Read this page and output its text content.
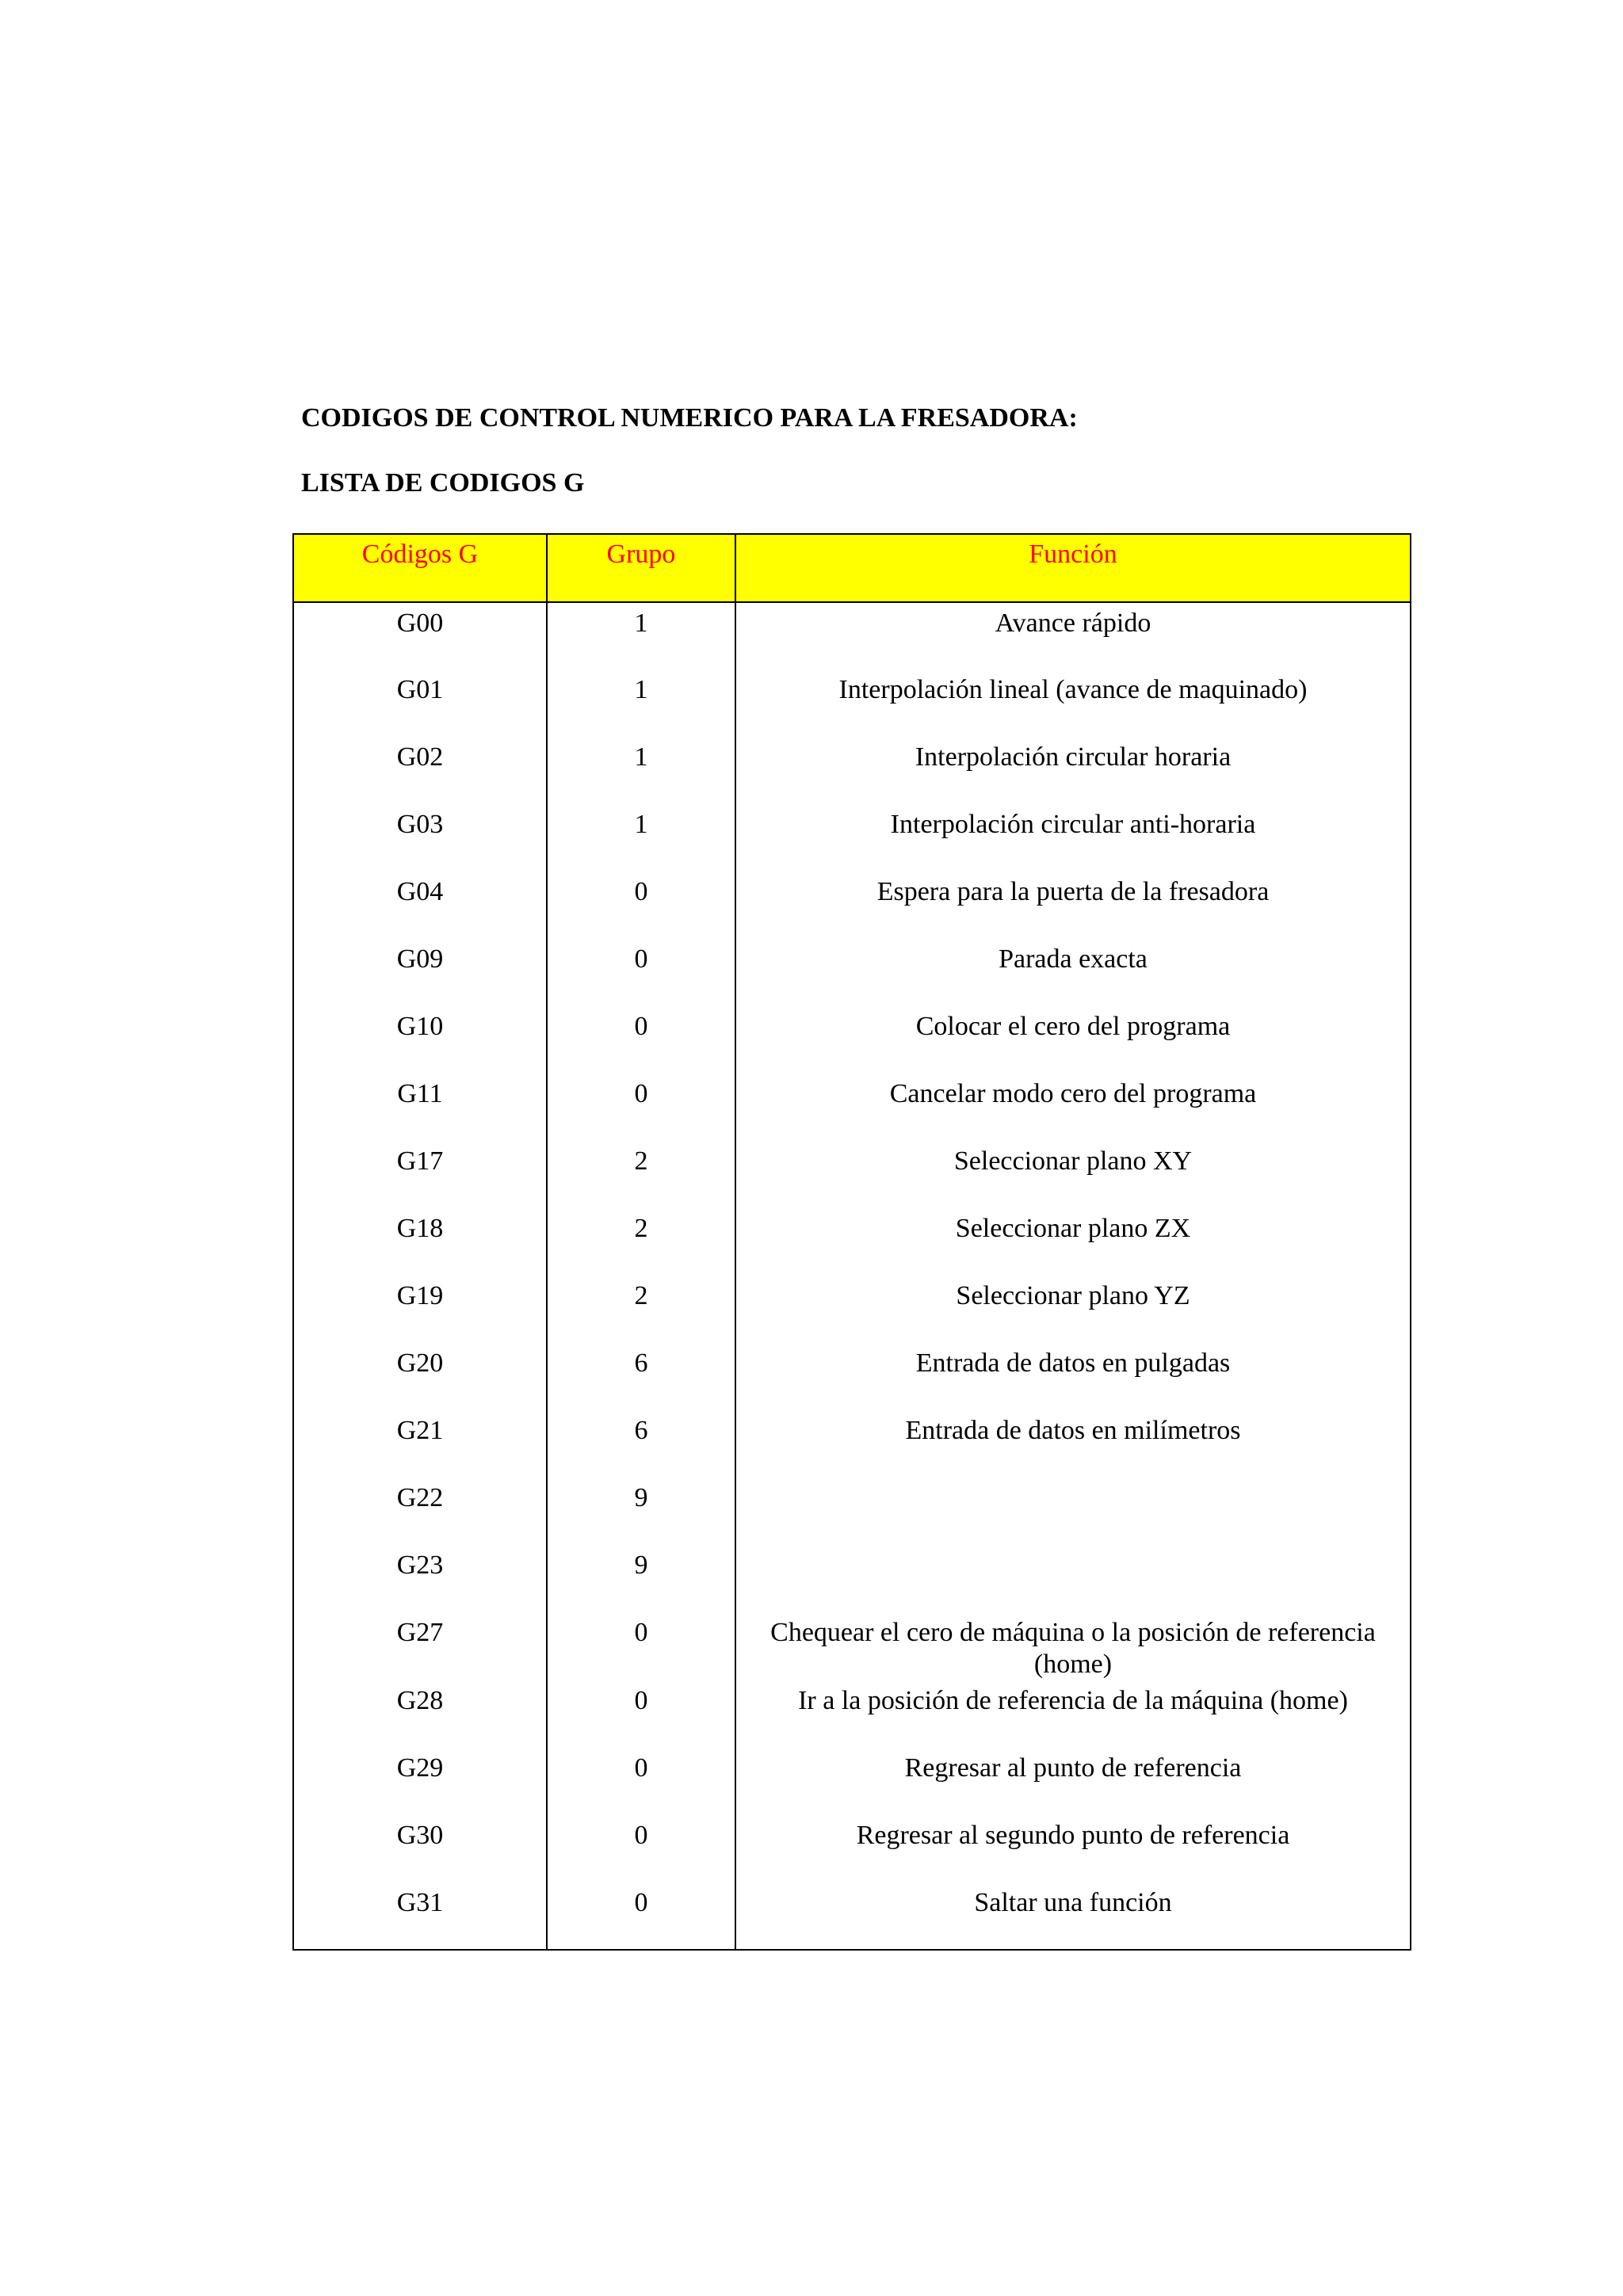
CODIGOS DE CONTROL NUMERICO PARA LA FRESADORA:
LISTA DE CODIGOS G
Códigos G	Grupo	Función
G00	1	Avance rápido
G01	1	Interpolación lineal (avance de maquinado)
G02	1	Interpolación circular horaria
G03	1	Interpolación circular anti-horaria
G04	0	Espera para la puerta de la fresadora
G09	0	Parada exacta
G10	0	Colocar el cero del programa
G11	0	Cancelar modo cero del programa
G17	2	Seleccionar plano XY
G18	2	Seleccionar plano ZX
G19	2	Seleccionar plano YZ
G20	6	Entrada de datos en pulgadas
G21	6	Entrada de datos en milímetros
G22	9	
G23	9	
G27	0	Chequear el cero de máquina o la posición de referencia (home)
G28	0	Ir a la posición de referencia de la máquina (home)
G29	0	Regresar al punto de referencia
G30	0	Regresar al segundo punto de referencia
G31	0	Saltar una función
